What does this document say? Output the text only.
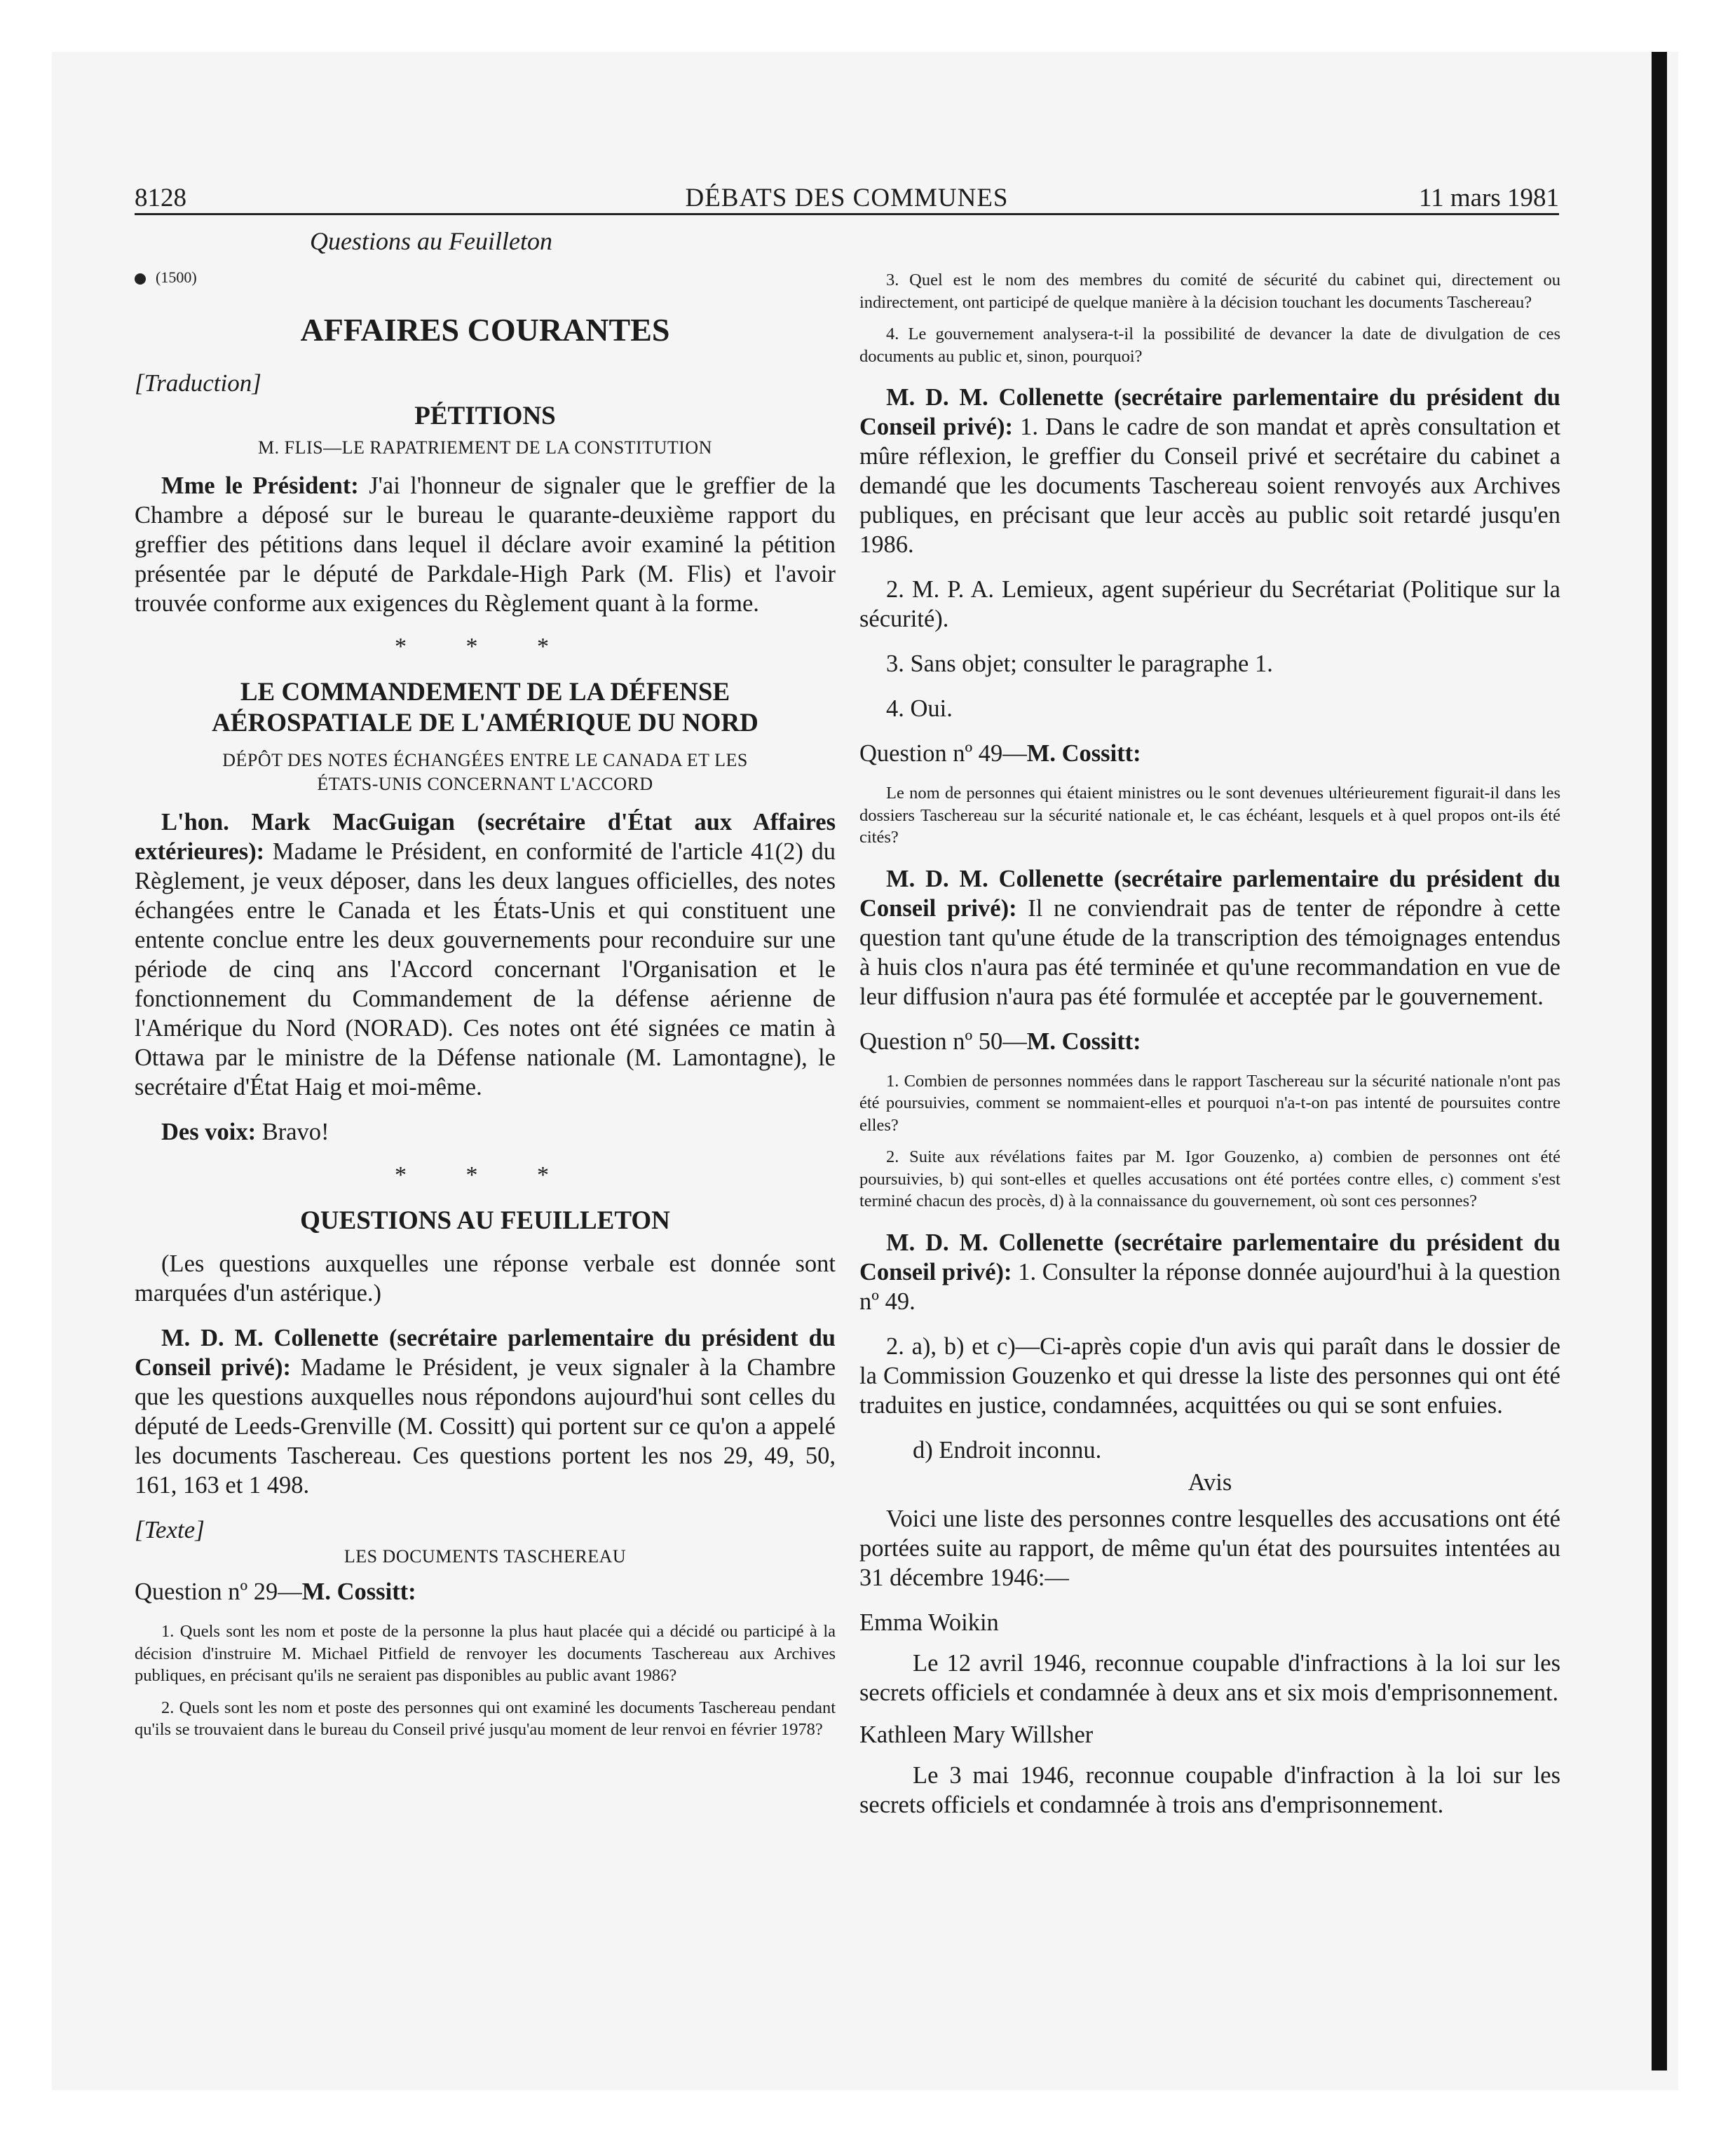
8128	DÉBATS DES COMMUNES	11 mars 1981

Questions au Feuilleton

(1500)

AFFAIRES COURANTES

[Traduction]

PÉTITIONS

M. FLIS—LE RAPATRIEMENT DE LA CONSTITUTION

Mme le Président: J'ai l'honneur de signaler que le greffier de la Chambre a déposé sur le bureau le quarante-deuxième rapport du greffier des pétitions dans lequel il déclare avoir examiné la pétition présentée par le député de Parkdale-High Park (M. Flis) et l'avoir trouvée conforme aux exigences du Règlement quant à la forme.

* * *

LE COMMANDEMENT DE LA DÉFENSE

AÉROSPATIALE DE L'AMÉRIQUE DU NORD

DÉPÔT DES NOTES ÉCHANGÉES ENTRE LE CANADA ET LES

ÉTATS-UNIS CONCERNANT L'ACCORD

L'hon. Mark MacGuigan (secrétaire d'État aux Affaires extérieures): Madame le Président, en conformité de l'article 41(2) du Règlement, je veux déposer, dans les deux langues officielles, des notes échangées entre le Canada et les États-Unis et qui constituent une entente conclue entre les deux gouvernements pour reconduire sur une période de cinq ans l'Accord concernant l'Organisation et le fonctionnement du Commandement de la défense aérienne de l'Amérique du Nord (NORAD). Ces notes ont été signées ce matin à Ottawa par le ministre de la Défense nationale (M. Lamontagne), le secrétaire d'État Haig et moi-même.

Des voix: Bravo!

* * *

QUESTIONS AU FEUILLETON

(Les questions auxquelles une réponse verbale est donnée sont marquées d'un astérique.)

M. D. M. Collenette (secrétaire parlementaire du président du Conseil privé): Madame le Président, je veux signaler à la Chambre que les questions auxquelles nous répondons aujourd'hui sont celles du député de Leeds-Grenville (M. Cossitt) qui portent sur ce qu'on a appelé les documents Taschereau. Ces questions portent les nos 29, 49, 50, 161, 163 et 1 498.

[Texte]

LES DOCUMENTS TASCHEREAU

Question nº 29—M. Cossitt:

1. Quels sont les nom et poste de la personne la plus haut placée qui a décidé ou participé à la décision d'instruire M. Michael Pitfield de renvoyer les documents Taschereau aux Archives publiques, en précisant qu'ils ne seraient pas disponibles au public avant 1986?

2. Quels sont les nom et poste des personnes qui ont examiné les documents Taschereau pendant qu'ils se trouvaient dans le bureau du Conseil privé jusqu'au moment de leur renvoi en février 1978?

3. Quel est le nom des membres du comité de sécurité du cabinet qui, directement ou indirectement, ont participé de quelque manière à la décision touchant les documents Taschereau?

4. Le gouvernement analysera-t-il la possibilité de devancer la date de divulgation de ces documents au public et, sinon, pourquoi?

M. D. M. Collenette (secrétaire parlementaire du président du Conseil privé): 1. Dans le cadre de son mandat et après consultation et mûre réflexion, le greffier du Conseil privé et secrétaire du cabinet a demandé que les documents Taschereau soient renvoyés aux Archives publiques, en précisant que leur accès au public soit retardé jusqu'en 1986.

2. M. P. A. Lemieux, agent supérieur du Secrétariat (Politique sur la sécurité).

3. Sans objet; consulter le paragraphe 1.

4. Oui.

Question nº 49—M. Cossitt:

Le nom de personnes qui étaient ministres ou le sont devenues ultérieurement figurait-il dans les dossiers Taschereau sur la sécurité nationale et, le cas échéant, lesquels et à quel propos ont-ils été cités?

M. D. M. Collenette (secrétaire parlementaire du président du Conseil privé): Il ne conviendrait pas de tenter de répondre à cette question tant qu'une étude de la transcription des témoignages entendus à huis clos n'aura pas été terminée et qu'une recommandation en vue de leur diffusion n'aura pas été formulée et acceptée par le gouvernement.

Question nº 50—M. Cossitt:

1. Combien de personnes nommées dans le rapport Taschereau sur la sécurité nationale n'ont pas été poursuivies, comment se nommaient-elles et pourquoi n'a-t-on pas intenté de poursuites contre elles?

2. Suite aux révélations faites par M. Igor Gouzenko, a) combien de personnes ont été poursuivies, b) qui sont-elles et quelles accusations ont été portées contre elles, c) comment s'est terminé chacun des procès, d) à la connaissance du gouvernement, où sont ces personnes?

M. D. M. Collenette (secrétaire parlementaire du président du Conseil privé): 1. Consulter la réponse donnée aujourd'hui à la question nº 49.

2. a), b) et c)—Ci-après copie d'un avis qui paraît dans le dossier de la Commission Gouzenko et qui dresse la liste des personnes qui ont été traduites en justice, condamnées, acquittées ou qui se sont enfuies.

d) Endroit inconnu.

Avis

Voici une liste des personnes contre lesquelles des accusations ont été portées suite au rapport, de même qu'un état des poursuites intentées au 31 décembre 1946:—

Emma Woikin

Le 12 avril 1946, reconnue coupable d'infractions à la loi sur les secrets officiels et condamnée à deux ans et six mois d'emprisonnement.

Kathleen Mary Willsher

Le 3 mai 1946, reconnue coupable d'infraction à la loi sur les secrets officiels et condamnée à trois ans d'emprisonnement.
